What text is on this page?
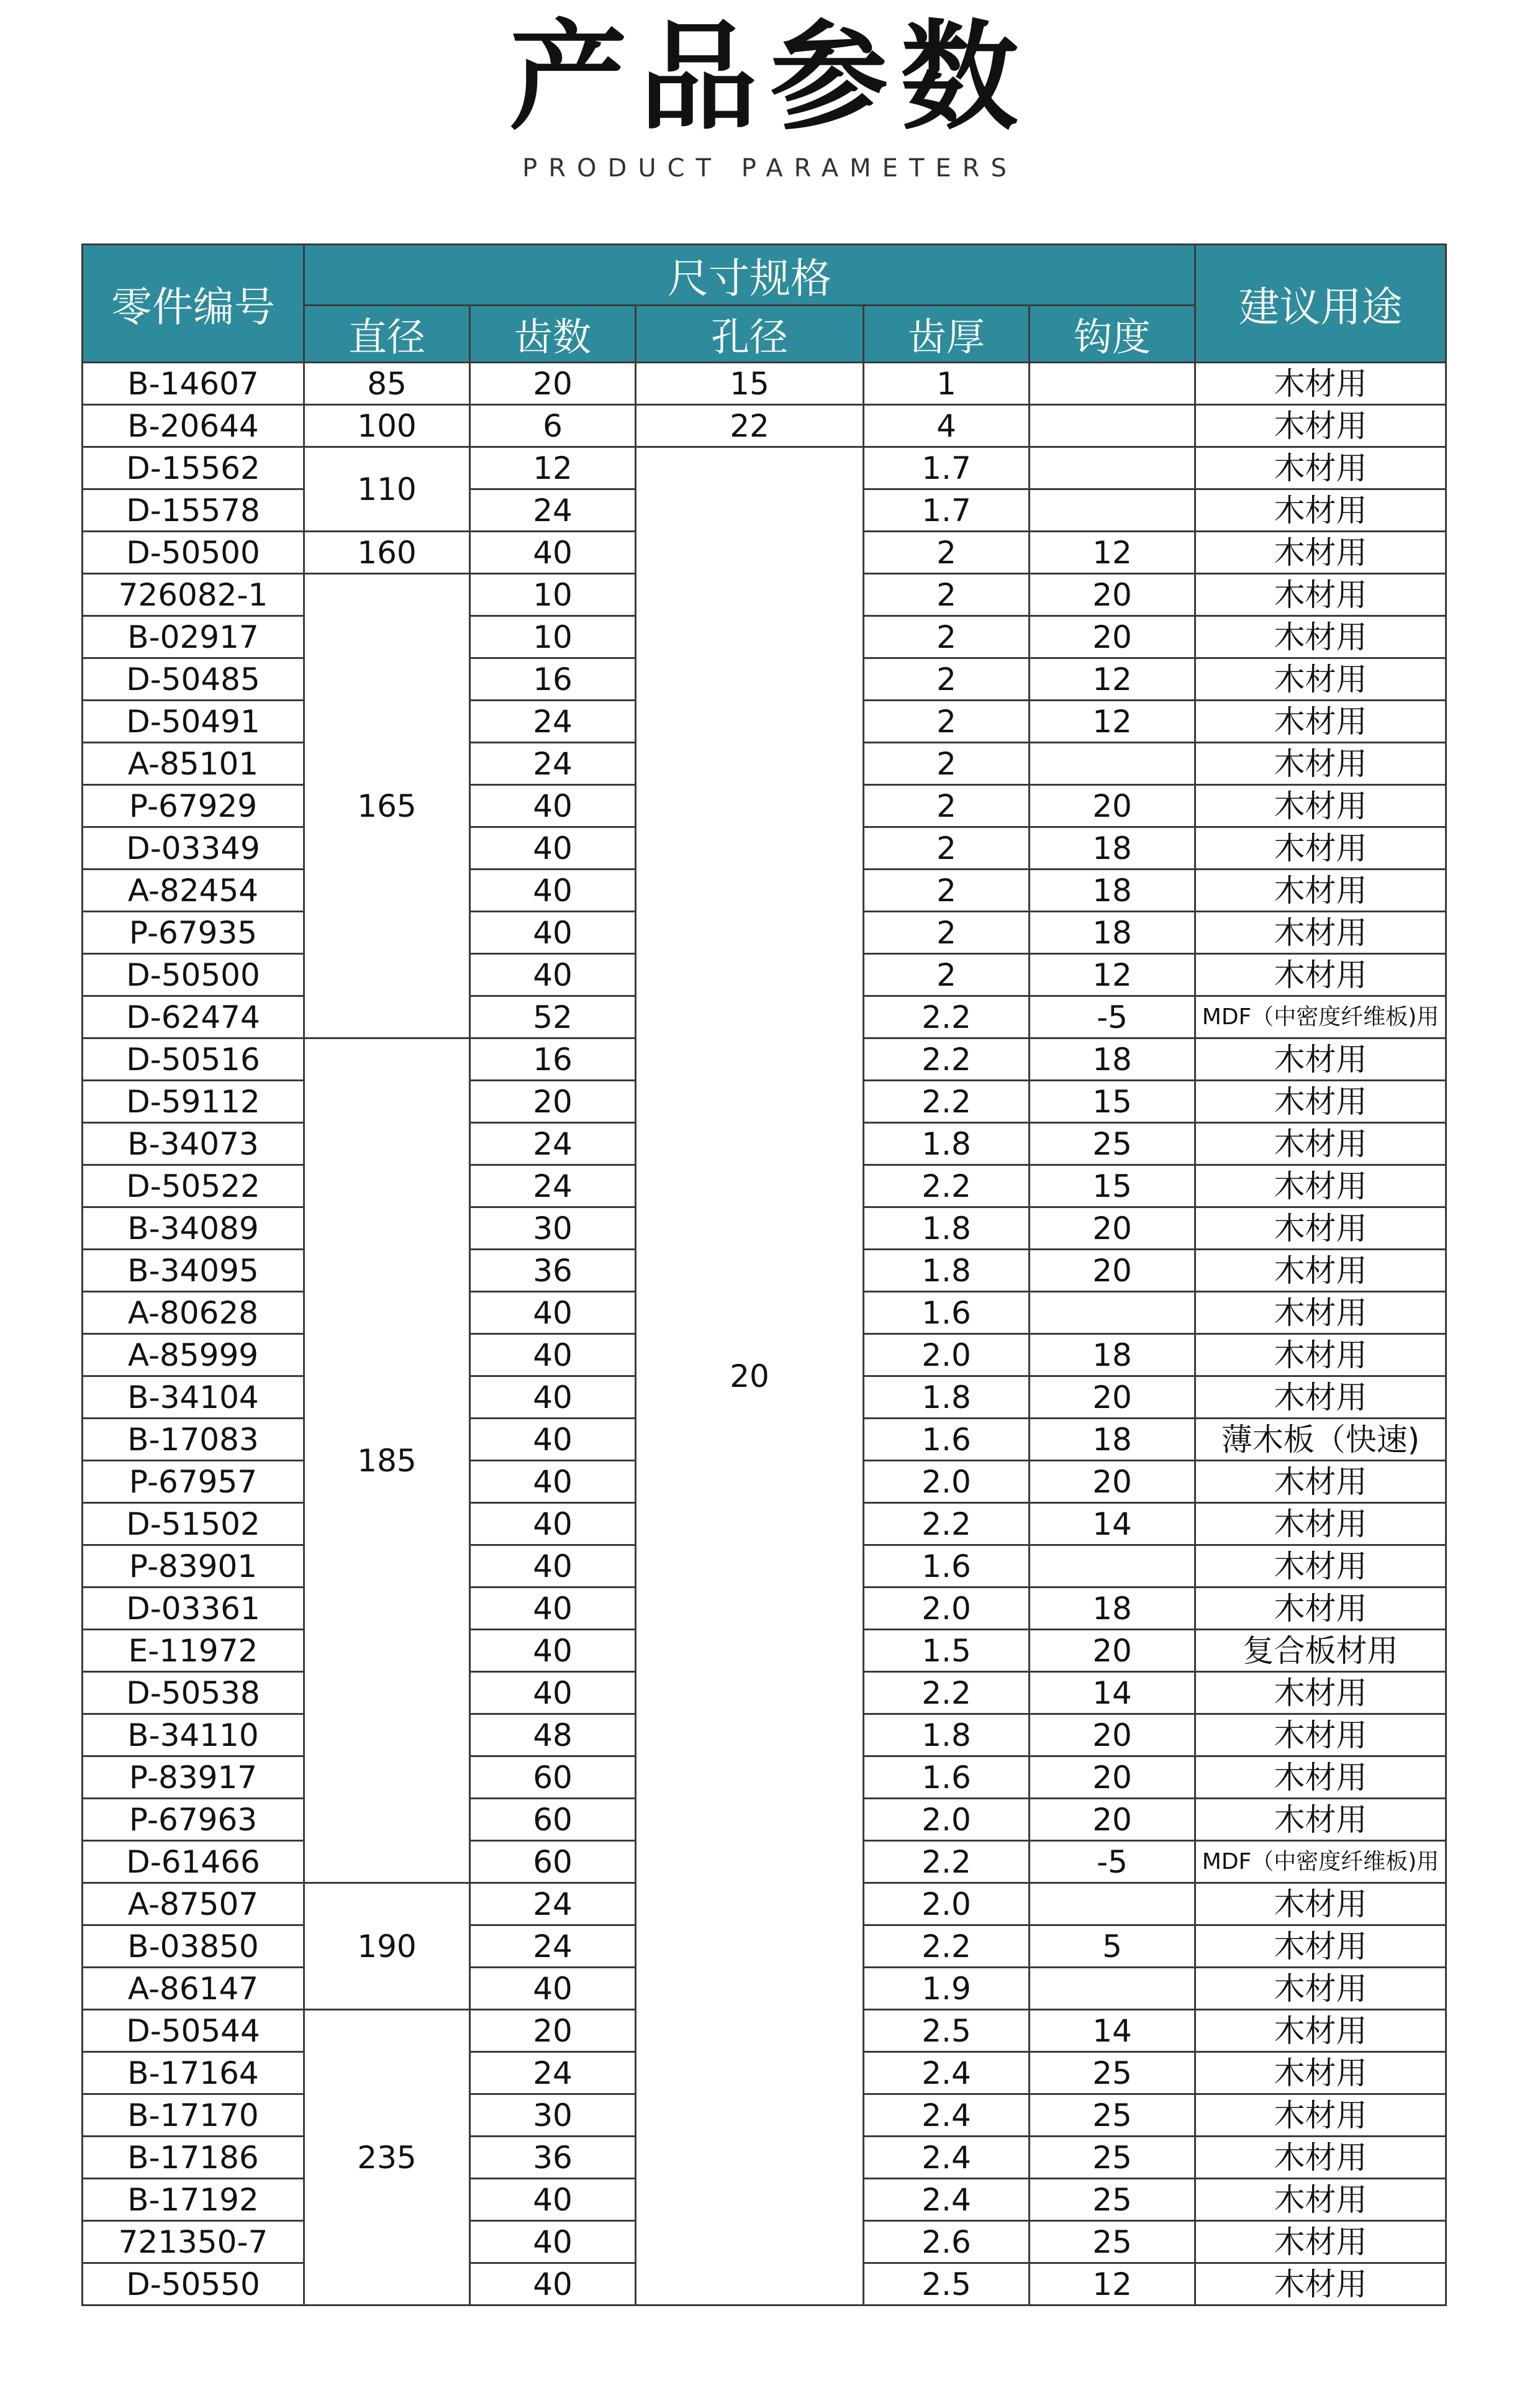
产品参数
PRODUCT PARAMETERS
零件编号	尺寸规格					建议用途
	直径	齿数	孔径	齿厚	钩度	
B-14607	85	20	15	1		木材用
B-20644	100	6	22	4		木材用
D-15562	110	12	20	1.7		木材用
D-15578		24		1.7		木材用
D-50500	160	40		2	12	木材用
726082-1	165	10		2	20	木材用
B-02917		10		2	20	木材用
D-50485		16		2	12	木材用
D-50491		24		2	12	木材用
A-85101		24		2		木材用
P-67929		40		2	20	木材用
D-03349		40		2	18	木材用
A-82454		40		2	18	木材用
P-67935		40		2	18	木材用
D-50500		40		2	12	木材用
D-62474		52		2.2	-5	MDF（中密度纤维板)用
D-50516	185	16		2.2	18	木材用
D-59112		20		2.2	15	木材用
B-34073		24		1.8	25	木材用
D-50522		24		2.2	15	木材用
B-34089		30		1.8	20	木材用
B-34095		36		1.8	20	木材用
A-80628		40		1.6		木材用
A-85999		40		2.0	18	木材用
B-34104		40		1.8	20	木材用
B-17083		40		1.6	18	薄木板（快速)
P-67957		40		2.0	20	木材用
D-51502		40		2.2	14	木材用
P-83901		40		1.6		木材用
D-03361		40		2.0	18	木材用
E-11972		40		1.5	20	复合板材用
D-50538		40		2.2	14	木材用
B-34110		48		1.8	20	木材用
P-83917		60		1.6	20	木材用
P-67963		60		2.0	20	木材用
D-61466		60		2.2	-5	MDF（中密度纤维板)用
A-87507	190	24		2.0		木材用
B-03850		24		2.2	5	木材用
A-86147		40		1.9		木材用
D-50544	235	20		2.5	14	木材用
B-17164		24		2.4	25	木材用
B-17170		30		2.4	25	木材用
B-17186		36		2.4	25	木材用
B-17192		40		2.4	25	木材用
721350-7		40		2.6	25	木材用
D-50550		40		2.5	12	木材用
